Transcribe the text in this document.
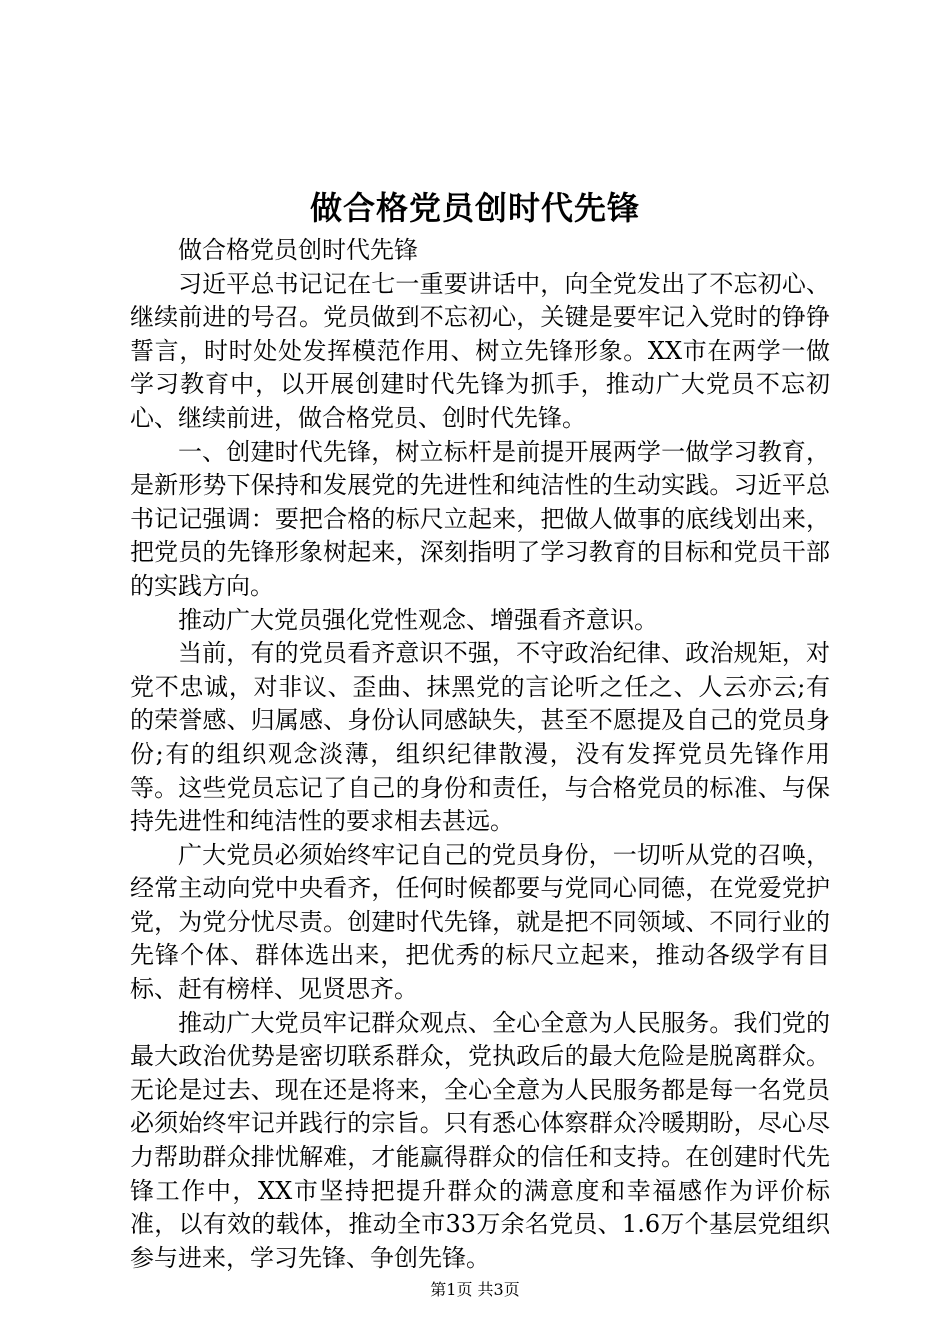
做合格党员创时代先锋

做合格党员创时代先锋

习近平总书记记在七一重要讲话中，向全党发出了不忘初心、继续前进的号召。党员做到不忘初心，关键是要牢记入党时的铮铮誓言，时时处处发挥模范作用、树立先锋形象。XX市在两学一做学习教育中，以开展创建时代先锋为抓手，推动广大党员不忘初心、继续前进，做合格党员、创时代先锋。

一、创建时代先锋，树立标杆是前提开展两学一做学习教育，是新形势下保持和发展党的先进性和纯洁性的生动实践。习近平总书记记强调：要把合格的标尺立起来，把做人做事的底线划出来，把党员的先锋形象树起来，深刻指明了学习教育的目标和党员干部的实践方向。

推动广大党员强化党性观念、增强看齐意识。

当前，有的党员看齐意识不强，不守政治纪律、政治规矩，对党不忠诚，对非议、歪曲、抹黑党的言论听之任之、人云亦云;有的荣誉感、归属感、身份认同感缺失，甚至不愿提及自己的党员身份;有的组织观念淡薄，组织纪律散漫，没有发挥党员先锋作用等。这些党员忘记了自己的身份和责任，与合格党员的标准、与保持先进性和纯洁性的要求相去甚远。

广大党员必须始终牢记自己的党员身份，一切听从党的召唤，经常主动向党中央看齐，任何时候都要与党同心同德，在党爱党护党，为党分忧尽责。创建时代先锋，就是把不同领域、不同行业的先锋个体、群体选出来，把优秀的标尺立起来，推动各级学有目标、赶有榜样、见贤思齐。

推动广大党员牢记群众观点、全心全意为人民服务。我们党的最大政治优势是密切联系群众，党执政后的最大危险是脱离群众。无论是过去、现在还是将来，全心全意为人民服务都是每一名党员必须始终牢记并践行的宗旨。只有悉心体察群众冷暖期盼，尽心尽力帮助群众排忧解难，才能赢得群众的信任和支持。在创建时代先锋工作中，XX市坚持把提升群众的满意度和幸福感作为评价标准，以有效的载体，推动全市33万余名党员、1.6万个基层党组织参与进来，学习先锋、争创先锋。

第1页 共3页
